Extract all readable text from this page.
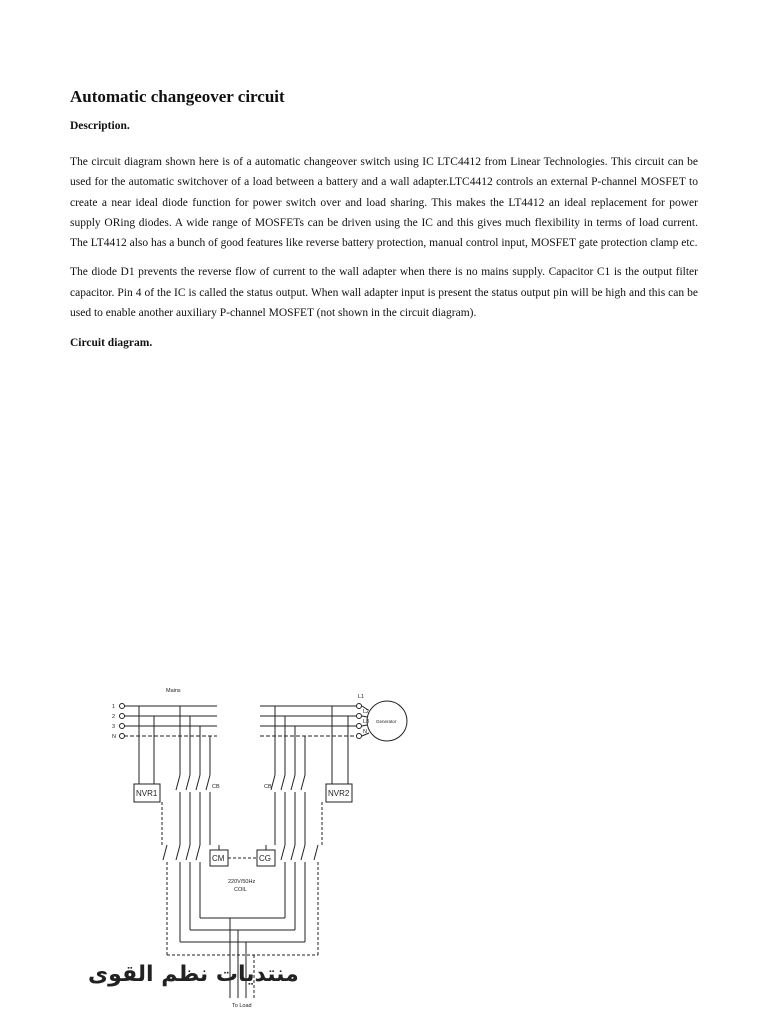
Automatic changeover circuit
Description.

The circuit diagram shown here is of a automatic changeover switch using IC LTC4412 from Linear Technologies. This circuit can be used for the automatic switchover of a load between a battery and a wall adapter.LTC4412 controls an external P-channel MOSFET to create a near ideal diode function for power switch over and load sharing. This makes the LT4412 an ideal replacement for power supply ORing diodes. A wide range of MOSFETs can be driven using the IC and this gives much flexibility in terms of load current. The LT4412 also has a bunch of good features like reverse battery protection, manual control input, MOSFET gate protection clamp etc.

The diode D1 prevents the reverse flow of current to the wall adapter when there is no mains supply. Capacitor C1 is the output filter capacitor. Pin 4 of the IC is called the status output. When wall adapter input is present the status output pin will be high and this can be used to enable another auxiliary P-channel MOSFET (not shown in the circuit diagram).

Circuit diagram.
Mains
Generator
1
2
3
N
L1
L2
L3
N
NVR1	NVR2
CB	CB
CM	CG
220V/50Hz
COIL
To Load
منتديات نظم القوى
